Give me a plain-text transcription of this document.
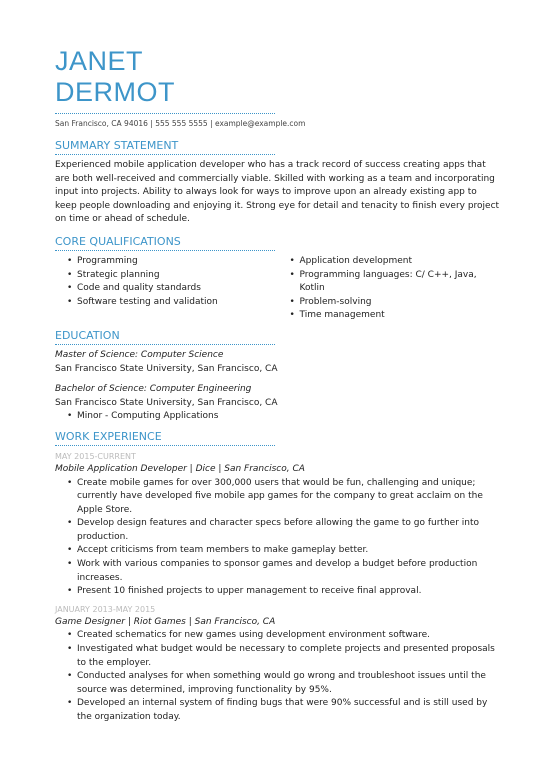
JANET
DERMOT
San Francisco, CA 94016 | 555 555 5555 | example@example.com
SUMMARY STATEMENT
Experienced mobile application developer who has a track record of success creating apps that are both well-received and commercially viable. Skilled with working as a team and incorporating input into projects. Ability to always look for ways to improve upon an already existing app to keep people downloading and enjoying it. Strong eye for detail and tenacity to finish every project on time or ahead of schedule.
CORE QUALIFICATIONS
• Programming
• Strategic planning
• Code and quality standards
• Software testing and validation
• Application development
• Programming languages: C/ C++, Java, Kotlin
• Problem-solving
• Time management
EDUCATION
Master of Science: Computer Science
San Francisco State University, San Francisco, CA
Bachelor of Science: Computer Engineering
San Francisco State University, San Francisco, CA
• Minor - Computing Applications
WORK EXPERIENCE
MAY 2015-CURRENT
Mobile Application Developer | Dice | San Francisco, CA
• Create mobile games for over 300,000 users that would be fun, challenging and unique; currently have developed five mobile app games for the company to great acclaim on the Apple Store.
• Develop design features and character specs before allowing the game to go further into production.
• Accept criticisms from team members to make gameplay better.
• Work with various companies to sponsor games and develop a budget before production increases.
• Present 10 finished projects to upper management to receive final approval.
JANUARY 2013-MAY 2015
Game Designer | Riot Games | San Francisco, CA
• Created schematics for new games using development environment software.
• Investigated what budget would be necessary to complete projects and presented proposals to the employer.
• Conducted analyses for when something would go wrong and troubleshoot issues until the source was determined, improving functionality by 95%.
• Developed an internal system of finding bugs that were 90% successful and is still used by the organization today.
